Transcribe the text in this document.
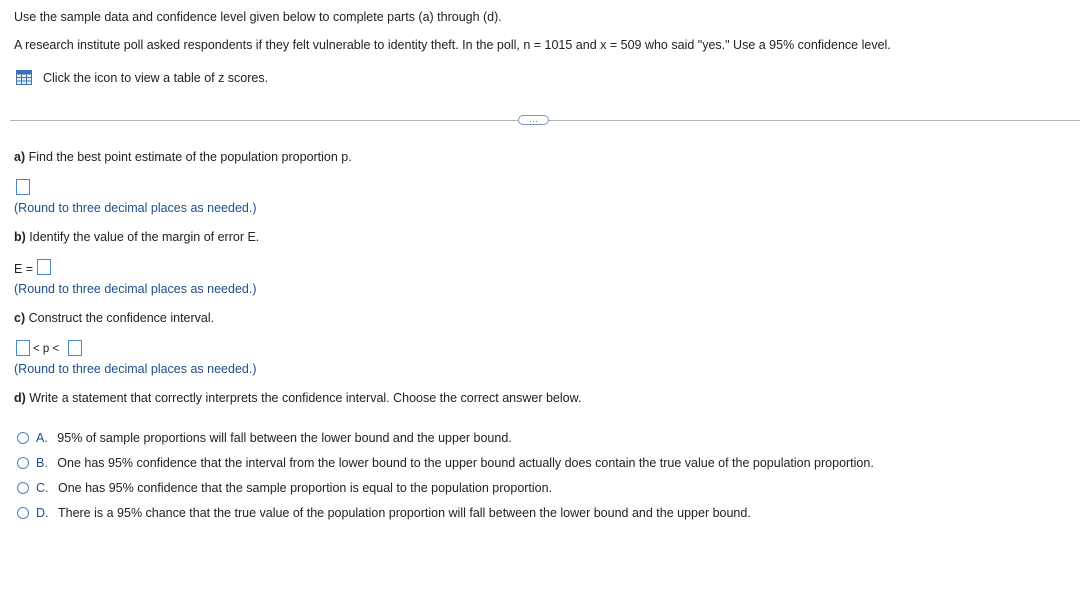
Use the sample data and confidence level given below to complete parts (a) through (d).
A research institute poll asked respondents if they felt vulnerable to identity theft. In the poll, n = 1015 and x = 509 who said "yes." Use a 95% confidence level.
Click the icon to view a table of z scores.
…
a) Find the best point estimate of the population proportion p.
(Round to three decimal places as needed.)
b) Identify the value of the margin of error E.
E =
(Round to three decimal places as needed.)
c) Construct the confidence interval.
< p <
(Round to three decimal places as needed.)
d) Write a statement that correctly interprets the confidence interval. Choose the correct answer below.
A. 95% of sample proportions will fall between the lower bound and the upper bound.
B. One has 95% confidence that the interval from the lower bound to the upper bound actually does contain the true value of the population proportion.
C. One has 95% confidence that the sample proportion is equal to the population proportion.
D. There is a 95% chance that the true value of the population proportion will fall between the lower bound and the upper bound.
